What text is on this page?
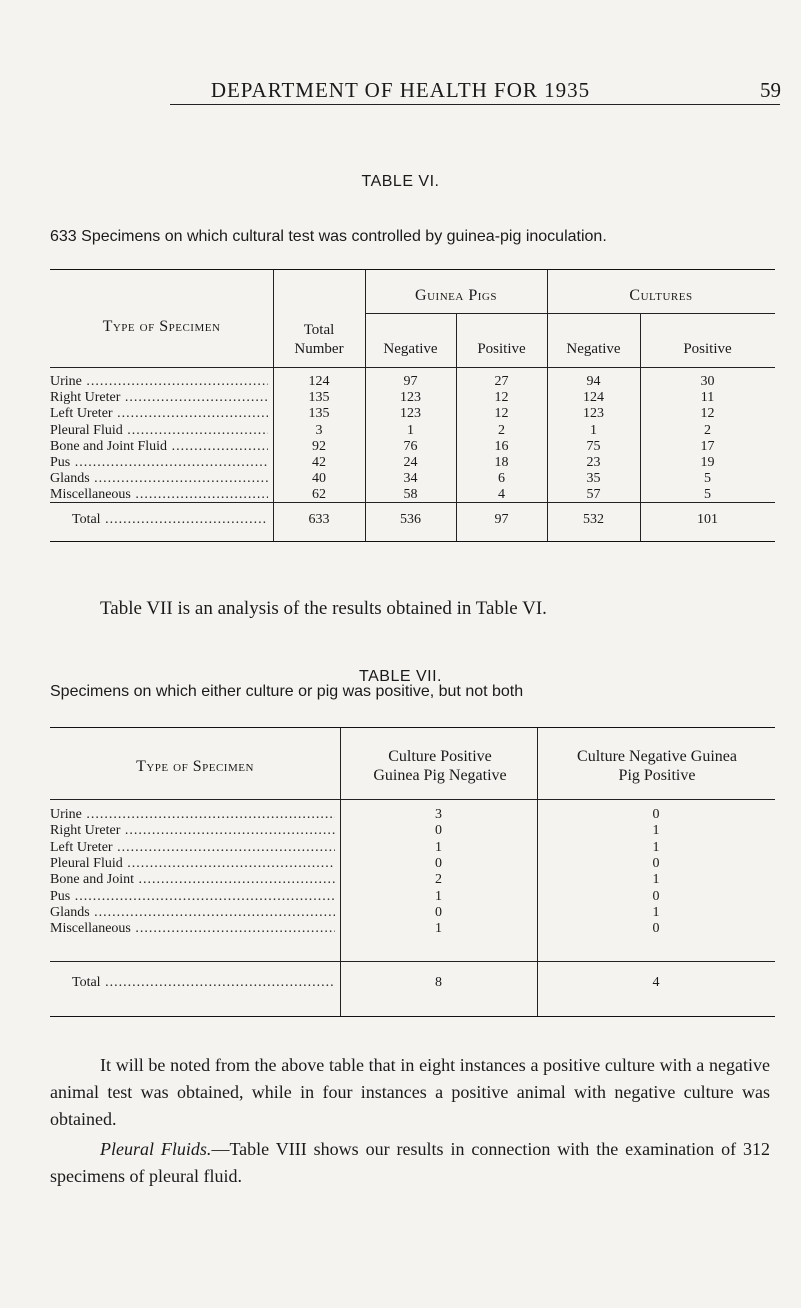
DEPARTMENT OF HEALTH FOR 1935	59
TABLE VI.
633 Specimens on which cultural test was controlled by guinea-pig inoculation.
Type of Specimen
Guinea Pigs	Cultures
Total Number	Negative	Positive	Negative	Positive
Urine .....	124	97	27	94	30
Right Ureter .....	135	123	12	124	11
Left Ureter .....	135	123	12	123	12
Pleural Fluid .....	3	1	2	1	2
Bone and Joint Fluid .....	92	76	16	75	17
Pus .....	42	24	18	23	19
Glands .....	40	34	6	35	5
Miscellaneous .....	62	58	4	57	5
Total .....	633	536	97	532	101
Table VII is an analysis of the results obtained in Table VI.
TABLE VII.
Specimens on which either culture or pig was positive, but not both
Type of Specimen
Culture Positive Guinea Pig Negative
Culture Negative Guinea Pig Positive
Urine .....	3	0
Right Ureter .....	0	1
Left Ureter .....	1	1
Pleural Fluid .....	0	0
Bone and Joint .....	2	1
Pus .....	1	0
Glands .....	0	1
Miscellaneous .....	1	0
Total .....	8	4
It will be noted from the above table that in eight instances a positive culture with a negative animal test was obtained, while in four instances a positive animal with negative culture was obtained.
Pleural Fluids.—Table VIII shows our results in connection with the examination of 312 specimens of pleural fluid.
